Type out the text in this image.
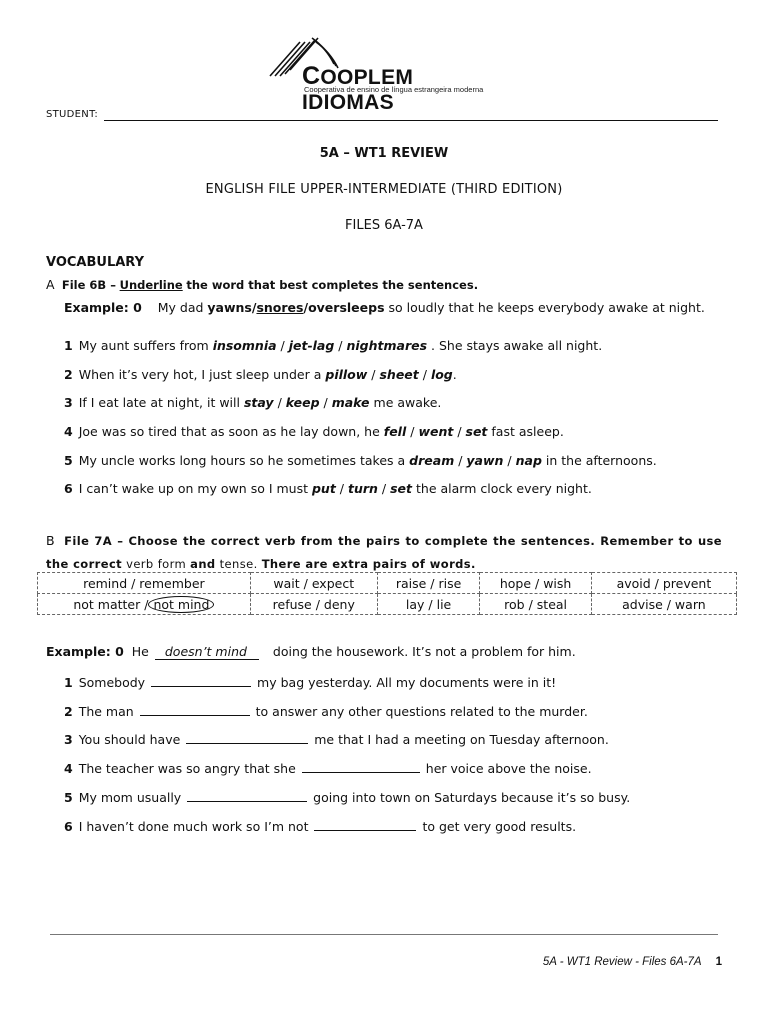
COOPLEM IDIOMAS
Cooperativa de ensino de língua estrangeira moderna
STUDENT:
5A – WT1 REVIEW
ENGLISH FILE UPPER-INTERMEDIATE (THIRD EDITION)
FILES 6A-7A
VOCABULARY
A File 6B – Underline the word that best completes the sentences.
Example: 0 My dad yawns/snores/oversleeps so loudly that he keeps everybody awake at night.
1 My aunt suffers from insomnia / jet-lag / nightmares . She stays awake all night.
2 When it’s very hot, I just sleep under a pillow / sheet / log.
3 If I eat late at night, it will stay / keep / make me awake.
4 Joe was so tired that as soon as he lay down, he fell / went / set fast asleep.
5 My uncle works long hours so he sometimes takes a dream / yawn / nap in the afternoons.
6 I can’t wake up on my own so I must put / turn / set the alarm clock every night.
B File 7A – Choose the correct verb from the pairs to complete the sentences. Remember to use the correct verb form and tense. There are extra pairs of words.
remind / remember	wait / expect	raise / rise	hope / wish	avoid / prevent
not matter / not mind	refuse / deny	lay / lie	rob / steal	advise / warn
Example: 0 He doesn’t mind doing the housework. It’s not a problem for him.
1 Somebody	my bag yesterday. All my documents were in it!
2 The man	to answer any other questions related to the murder.
3 You should have	me that I had a meeting on Tuesday afternoon.
4 The teacher was so angry that she	her voice above the noise.
5 My mom usually	going into town on Saturdays because it’s so busy.
6 I haven’t done much work so I’m not	to get very good results.
5A - WT1 Review - Files 6A-7A 1
